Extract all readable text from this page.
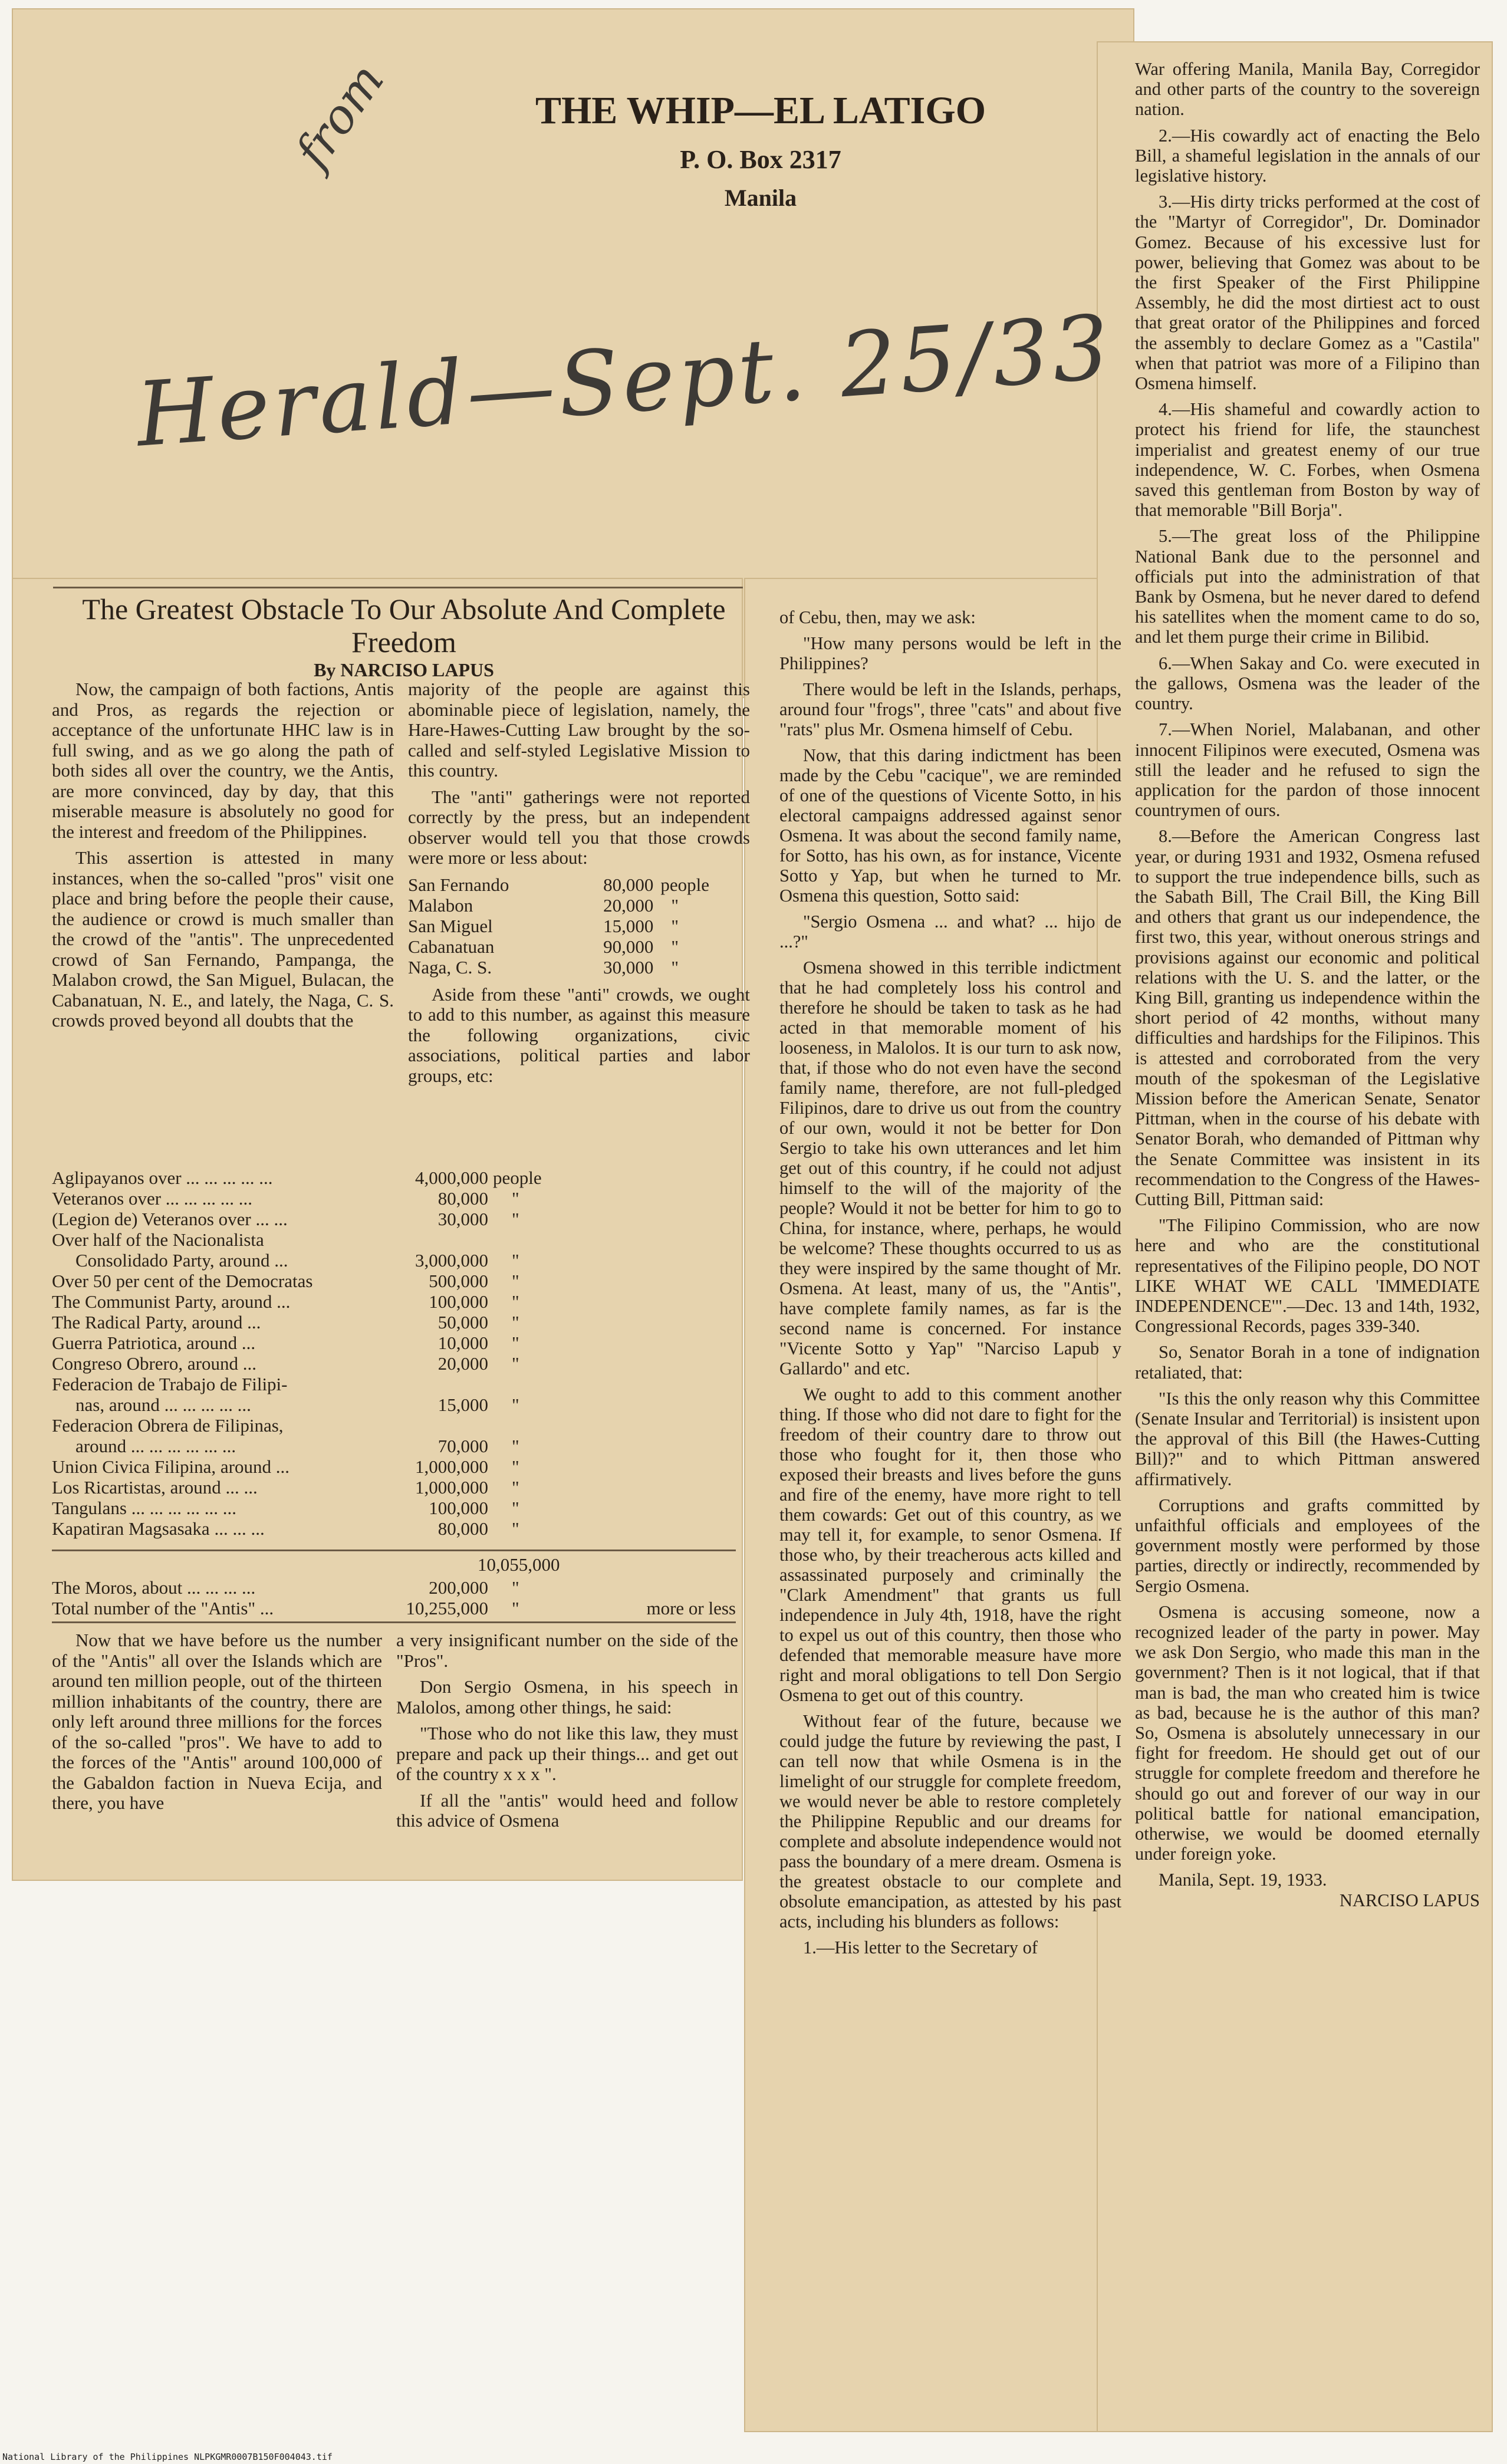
from	THE WHIP—EL LATIGO
P. O. Box 2317
Manila
Herald—Sept. 25/33
The Greatest Obstacle To Our Absolute And Complete Freedom
By NARCISO LAPUS

Now, the campaign of both factions, Antis and Pros, as regards the rejection or acceptance of the unfortunate HHC law is in full swing, and as we go along the path of both sides all over the country, we the Antis, are more convinced, day by day, that this miserable measure is absolutely no good for the interest and freedom of the Philippines.

This assertion is attested in many instances, when the so-called "pros" visit one place and bring before the people their cause, the audience or crowd is much smaller than the crowd of the "antis". The unprecedented crowd of San Fernando, Pampanga, the Malabon crowd, the San Miguel, Bulacan, the Cabanatuan, N. E., and lately, the Naga, C. S. crowds proved beyond all doubts that the

majority of the people are against this abominable piece of legislation, namely, the Hare-Hawes-Cutting Law brought by the so-called and self-styled Legislative Mission to this country.

The "anti" gatherings were not reported correctly by the press, but an independent observer would tell you that those crowds were more or less about:

San Fernando	80,000	people
Malabon	20,000	"
San Miguel	15,000	"
Cabanatuan	90,000	"
Naga, C. S.	30,000	"

Aside from these "anti" crowds, we ought to add to this number, as against this measure the following organizations, civic associations, political parties and labor groups, etc:

Aglipayanos over ... ... ... ... ...	4,000,000	people
Veteranos over ... ... ... ... ...	80,000	"
(Legion de) Veteranos over ... ...	30,000	"
Over half of the Nacionalista		
Consolidado Party, around ...	3,000,000	"
Over 50 per cent of the Democratas	500,000	"
The Communist Party, around ...	100,000	"
The Radical Party, around ...	50,000	"
Guerra Patriotica, around ...	10,000	"
Congreso Obrero, around ...	20,000	"
Federacion de Trabajo de Filipi-		
nas, around ... ... ... ... ...	15,000	"
Federacion Obrera de Filipinas,		
around ... ... ... ... ... ...	70,000	"
Union Civica Filipina, around ...	1,000,000	"
Los Ricartistas, around ... ...	1,000,000	"
Tangulans ... ... ... ... ... ...	100,000	"
Kapatiran Magsasaka ... ... ...	80,000	"
10,055,000
The Moros, about ... ... ... ...	200,000	"	
Total number of the "Antis" ...	10,255,000	"	more or less

Now that we have before us the number of the "Antis" all over the Islands which are around ten million people, out of the thirteen million inhabitants of the country, there are only left around three millions for the forces of the so-called "pros". We have to add to the forces of the "Antis" around 100,000 of the Gabaldon faction in Nueva Ecija, and there, you have

a very insignificant number on the side of the "Pros".

Don Sergio Osmena, in his speech in Malolos, among other things, he said:

"Those who do not like this law, they must prepare and pack up their things... and get out of the country x x x ".

If all the "antis" would heed and follow this advice of Osmena

of Cebu, then, may we ask:

"How many persons would be left in the Philippines?

There would be left in the Islands, perhaps, around four "frogs", three "cats" and about five "rats" plus Mr. Osmena himself of Cebu.

Now, that this daring indictment has been made by the Cebu "cacique", we are reminded of one of the questions of Vicente Sotto, in his electoral campaigns addressed against senor Osmena. It was about the second family name, for Sotto, has his own, as for instance, Vicente Sotto y Yap, but when he turned to Mr. Osmena this question, Sotto said:

"Sergio Osmena ... and what? ... hijo de ...?"

Osmena showed in this terrible indictment that he had completely loss his control and therefore he should be taken to task as he had acted in that memorable moment of his looseness, in Malolos. It is our turn to ask now, that, if those who do not even have the second family name, therefore, are not full-pledged Filipinos, dare to drive us out from the country of our own, would it not be better for Don Sergio to take his own utterances and let him get out of this country, if he could not adjust himself to the will of the majority of the people? Would it not be better for him to go to China, for instance, where, perhaps, he would be welcome? These thoughts occurred to us as they were inspired by the same thought of Mr. Osmena. At least, many of us, the "Antis", have complete family names, as far is the second name is concerned. For instance "Vicente Sotto y Yap" "Narciso Lapub y Gallardo" and etc.

We ought to add to this comment another thing. If those who did not dare to fight for the freedom of their country dare to throw out those who fought for it, then those who exposed their breasts and lives before the guns and fire of the enemy, have more right to tell them cowards: Get out of this country, as we may tell it, for example, to senor Osmena. If those who, by their treacherous acts killed and assassinated purposely and criminally the "Clark Amendment" that grants us full independence in July 4th, 1918, have the right to expel us out of this country, then those who defended that memorable measure have more right and moral obligations to tell Don Sergio Osmena to get out of this country.

Without fear of the future, because we could judge the future by reviewing the past, I can tell now that while Osmena is in the limelight of our struggle for complete freedom, we would never be able to restore completely the Philippine Republic and our dreams for complete and absolute independence would not pass the boundary of a mere dream. Osmena is the greatest obstacle to our complete and obsolute emancipation, as attested by his past acts, including his blunders as follows:

1.—His letter to the Secretary of

War offering Manila, Manila Bay, Corregidor and other parts of the country to the sovereign nation.

2.—His cowardly act of enacting the Belo Bill, a shameful legislation in the annals of our legislative history.

3.—His dirty tricks performed at the cost of the "Martyr of Corregidor", Dr. Dominador Gomez. Because of his excessive lust for power, believing that Gomez was about to be the first Speaker of the First Philippine Assembly, he did the most dirtiest act to oust that great orator of the Philippines and forced the assembly to declare Gomez as a "Castila" when that patriot was more of a Filipino than Osmena himself.

4.—His shameful and cowardly action to protect his friend for life, the staunchest imperialist and greatest enemy of our true independence, W. C. Forbes, when Osmena saved this gentleman from Boston by way of that memorable "Bill Borja".

5.—The great loss of the Philippine National Bank due to the personnel and officials put into the administration of that Bank by Osmena, but he never dared to defend his satellites when the moment came to do so, and let them purge their crime in Bilibid.

6.—When Sakay and Co. were executed in the gallows, Osmena was the leader of the country.

7.—When Noriel, Malabanan, and other innocent Filipinos were executed, Osmena was still the leader and he refused to sign the application for the pardon of those innocent countrymen of ours.

8.—Before the American Congress last year, or during 1931 and 1932, Osmena refused to support the true independence bills, such as the Sabath Bill, The Crail Bill, the King Bill and others that grant us our independence, the first two, this year, without onerous strings and provisions against our economic and political relations with the U. S. and the latter, or the King Bill, granting us independence within the short period of 42 months, without many difficulties and hardships for the Filipinos. This is attested and corroborated from the very mouth of the spokesman of the Legislative Mission before the American Senate, Senator Pittman, when in the course of his debate with Senator Borah, who demanded of Pittman why the Senate Committee was insistent in its recommendation to the Congress of the Hawes-Cutting Bill, Pittman said:

"The Filipino Commission, who are now here and who are the constitutional representatives of the Filipino people, DO NOT LIKE WHAT WE CALL 'IMMEDIATE INDEPENDENCE'".—Dec. 13 and 14th, 1932, Congressional Records, pages 339-340.

So, Senator Borah in a tone of indignation retaliated, that:

"Is this the only reason why this Committee (Senate Insular and Territorial) is insistent upon the approval of this Bill (the Hawes-Cutting Bill)?" and to which Pittman answered affirmatively.

Corruptions and grafts committed by unfaithful officials and employees of the government mostly were performed by those parties, directly or indirectly, recommended by Sergio Osmena.

Osmena is accusing someone, now a recognized leader of the party in power. May we ask Don Sergio, who made this man in the government? Then is it not logical, that if that man is bad, the man who created him is twice as bad, because he is the author of this man? So, Osmena is absolutely unnecessary in our fight for freedom. He should get out of our struggle for complete freedom and therefore he should go out and forever of our way in our political battle for national emancipation, otherwise, we would be doomed eternally under foreign yoke.

Manila, Sept. 19, 1933.

NARCISO LAPUS

National Library of the Philippines NLPKGMR0007B150F004043.tif
